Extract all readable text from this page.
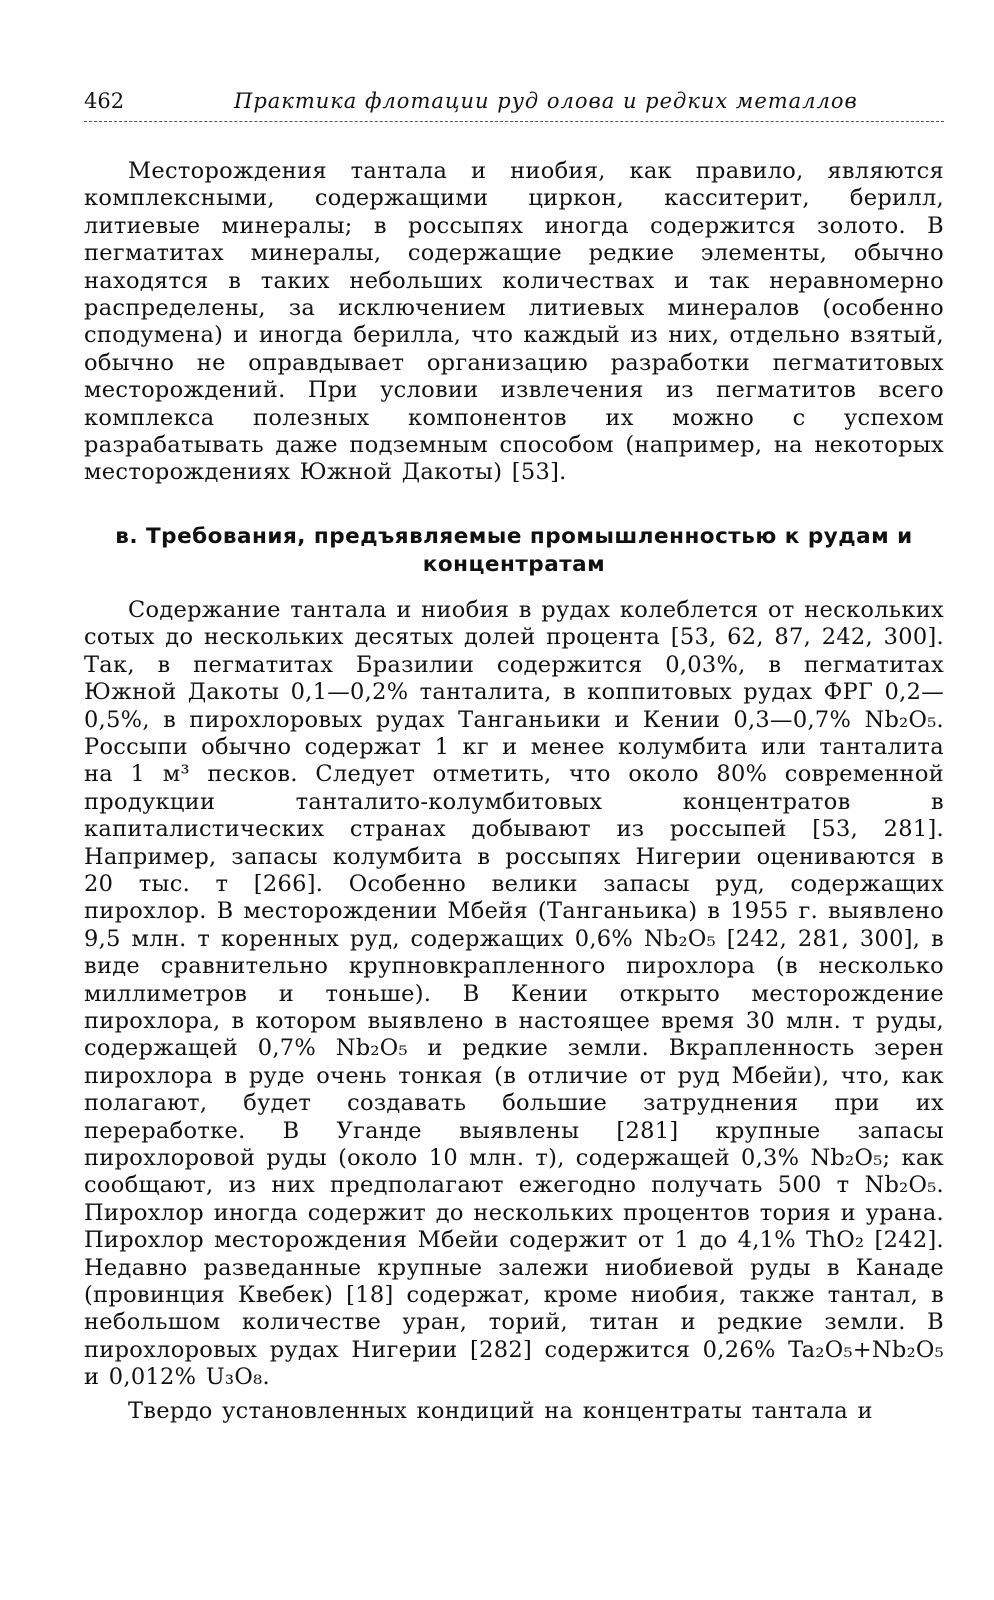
462	Практика флотации руд олова и редких металлов

Месторождения тантала и ниобия, как правило, являются комплексными, содержащими циркон, касситерит, берилл, литиевые минералы; в россыпях иногда содержится золото. В пегматитах минералы, содержащие редкие элементы, обычно находятся в таких небольших количествах и так неравномерно распределены, за исключением литиевых минералов (особенно сподумена) и иногда берилла, что каждый из них, отдельно взятый, обычно не оправдывает организацию разработки пегматитовых месторождений. При условии извлечения из пегматитов всего комплекса полезных компонентов их можно с успехом разрабатывать даже подземным способом (например, на некоторых месторождениях Южной Дакоты) [53].

в. Требования, предъявляемые промышленностью к рудам и концентратам

Содержание тантала и ниобия в рудах колеблется от нескольких сотых до нескольких десятых долей процента [53, 62, 87, 242, 300]. Так, в пегматитах Бразилии содержится 0,03%, в пегматитах Южной Дакоты 0,1—0,2% танталита, в коппитовых рудах ФРГ 0,2—0,5%, в пирохлоровых рудах Танганьики и Кении 0,3—0,7% Nb₂O₅. Россыпи обычно содержат 1 кг и менее колумбита или танталита на 1 м³ песков. Следует отметить, что около 80% современной продукции танталито-колумбитовых концентратов в капиталистических странах добывают из россыпей [53, 281]. Например, запасы колумбита в россыпях Нигерии оцениваются в 20 тыс. т [266]. Особенно велики запасы руд, содержащих пирохлор. В месторождении Мбейя (Танганьика) в 1955 г. выявлено 9,5 млн. т коренных руд, содержащих 0,6% Nb₂O₅ [242, 281, 300], в виде сравнительно крупновкрапленного пирохлора (в несколько миллиметров и тоньше). В Кении открыто месторождение пирохлора, в котором выявлено в настоящее время 30 млн. т руды, содержащей 0,7% Nb₂O₅ и редкие земли. Вкрапленность зерен пирохлора в руде очень тонкая (в отличие от руд Мбейи), что, как полагают, будет создавать большие затруднения при их переработке. В Уганде выявлены [281] крупные запасы пирохлоровой руды (около 10 млн. т), содержащей 0,3% Nb₂O₅; как сообщают, из них предполагают ежегодно получать 500 т Nb₂O₅. Пирохлор иногда содержит до нескольких процентов тория и урана. Пирохлор месторождения Мбейи содержит от 1 до 4,1% ThO₂ [242]. Недавно разведанные крупные залежи ниобиевой руды в Канаде (провинция Квебек) [18] содержат, кроме ниобия, также тантал, в небольшом количестве уран, торий, титан и редкие земли. В пирохлоровых рудах Нигерии [282] содержится 0,26% Ta₂O₅+Nb₂O₅ и 0,012% U₃O₈.

Твердо установленных кондиций на концентраты тантала и
